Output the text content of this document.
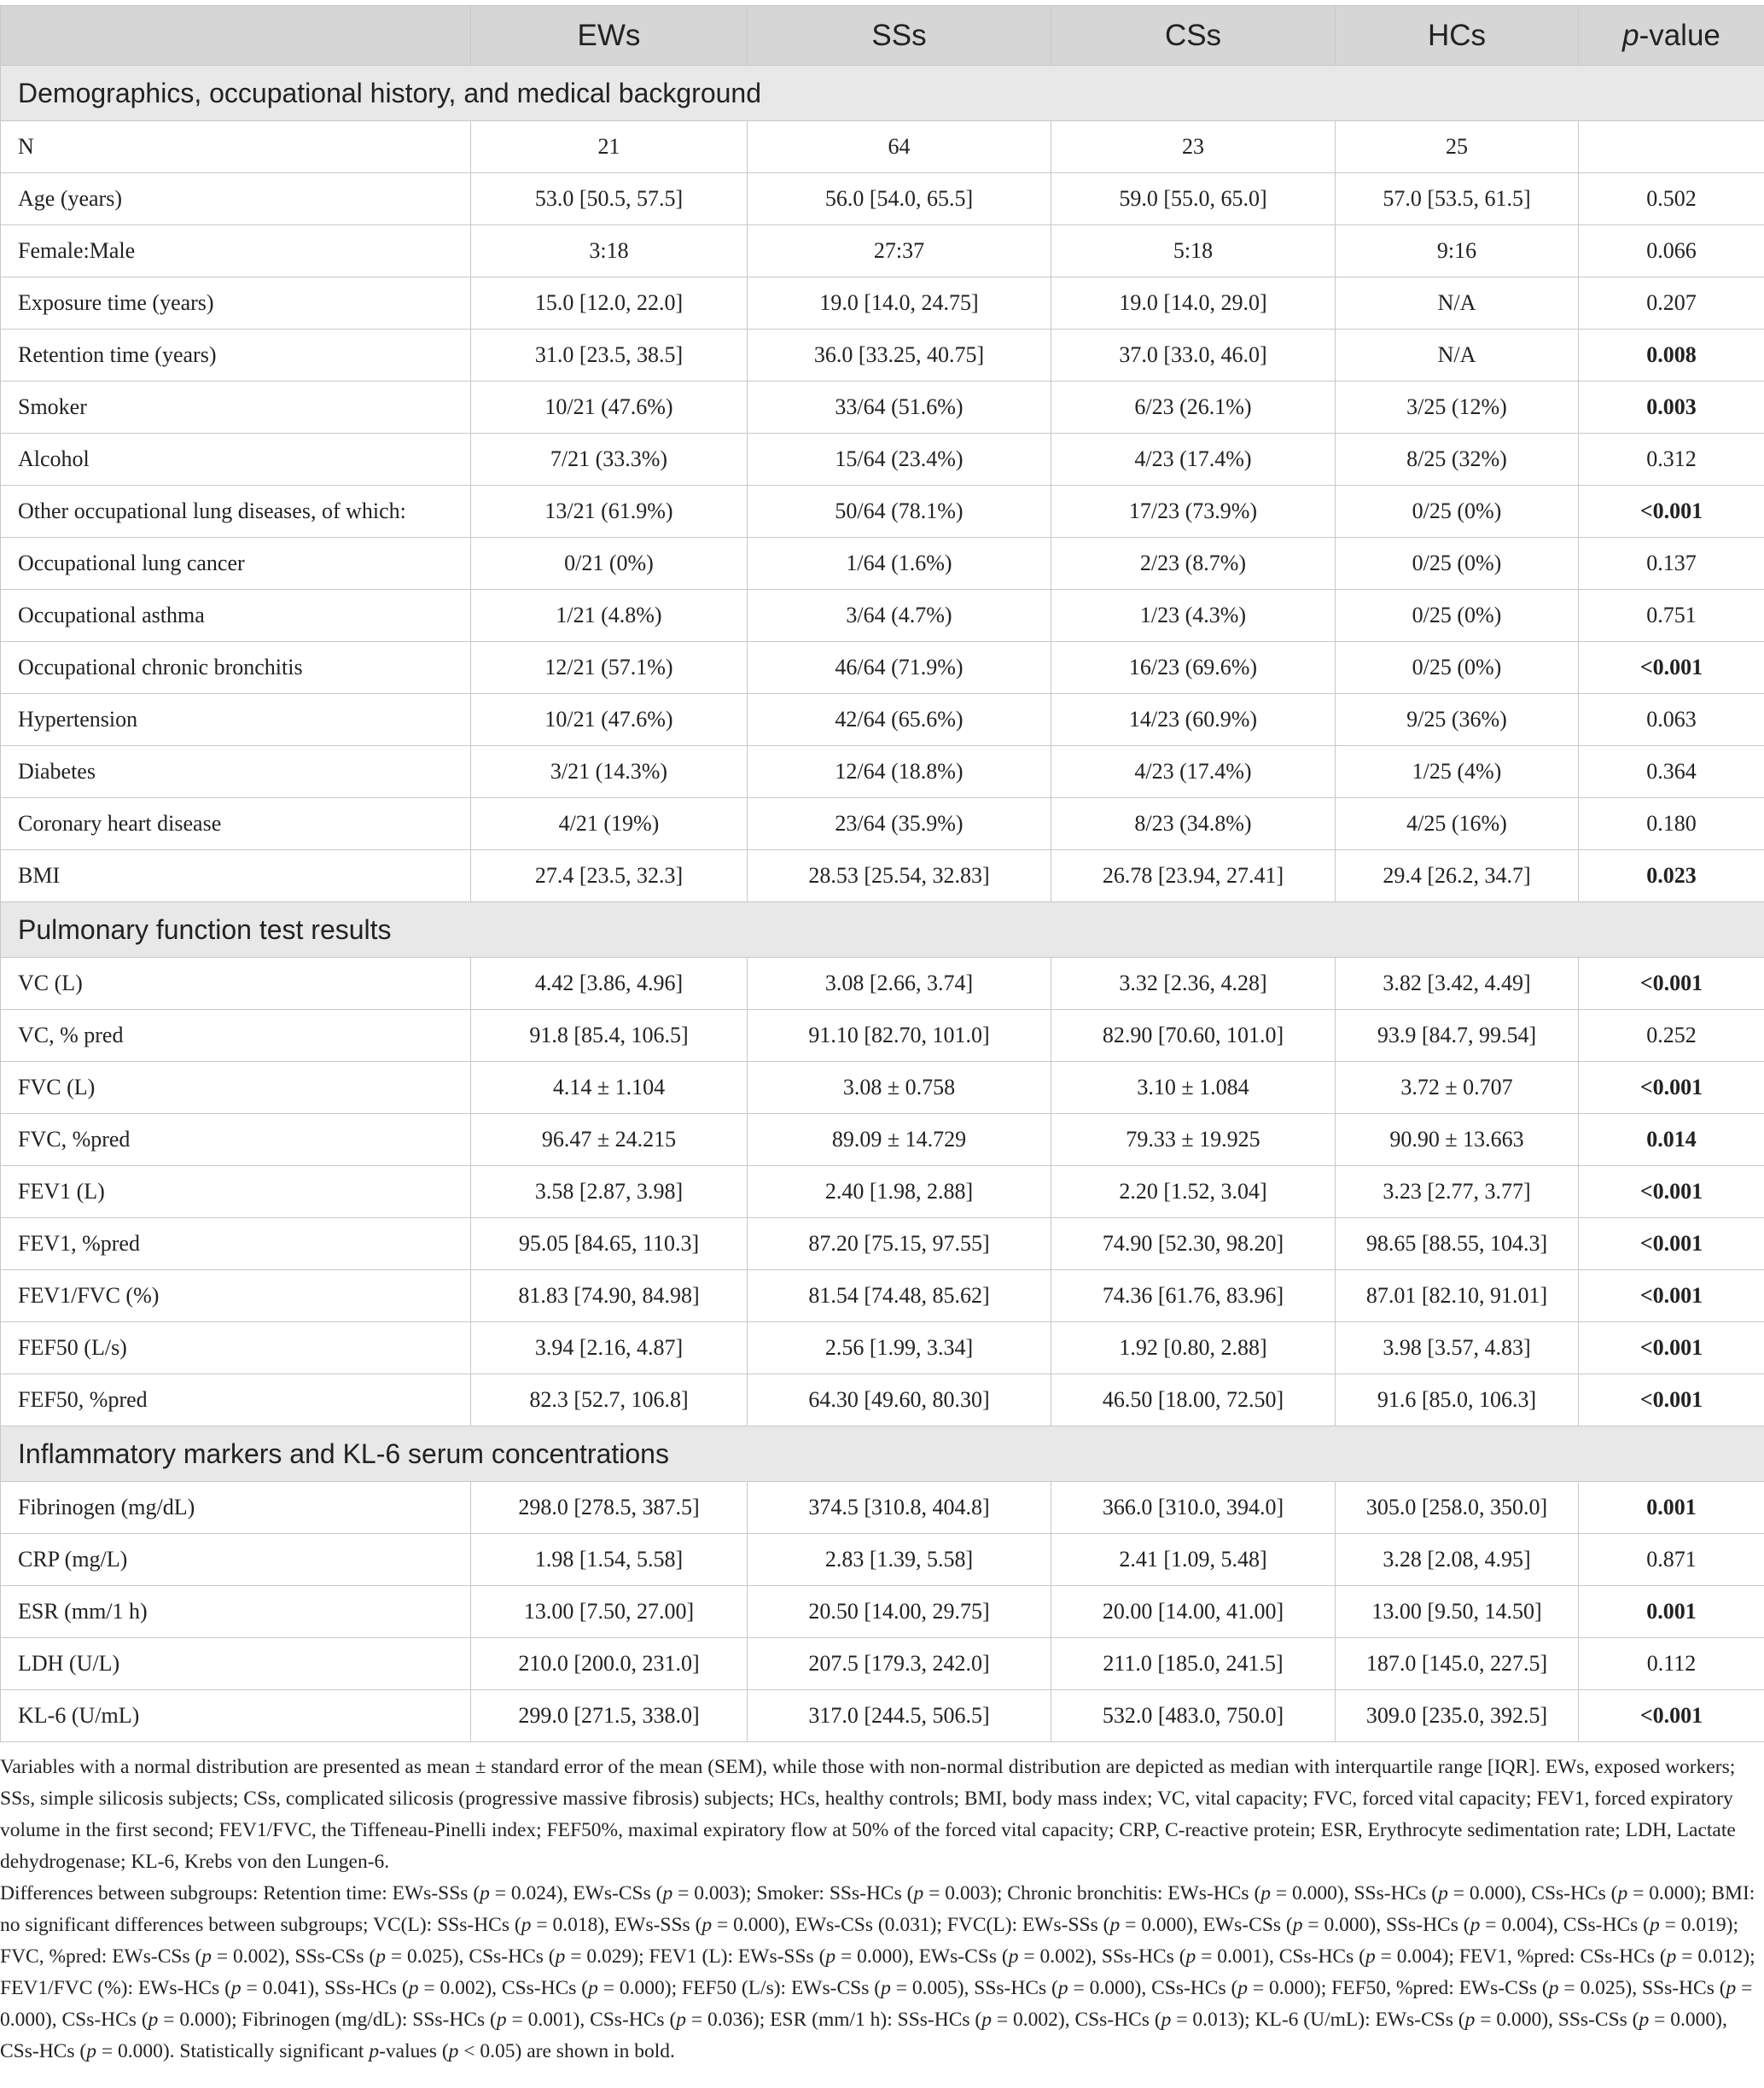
	EWs	SSs	CSs	HCs	p-value
Demographics, occupational history, and medical background					
N	21	64	23	25	
Age (years)	53.0 [50.5, 57.5]	56.0 [54.0, 65.5]	59.0 [55.0, 65.0]	57.0 [53.5, 61.5]	0.502
Female:Male	3:18	27:37	5:18	9:16	0.066
Exposure time (years)	15.0 [12.0, 22.0]	19.0 [14.0, 24.75]	19.0 [14.0, 29.0]	N/A	0.207
Retention time (years)	31.0 [23.5, 38.5]	36.0 [33.25, 40.75]	37.0 [33.0, 46.0]	N/A	0.008
Smoker	10/21 (47.6%)	33/64 (51.6%)	6/23 (26.1%)	3/25 (12%)	0.003
Alcohol	7/21 (33.3%)	15/64 (23.4%)	4/23 (17.4%)	8/25 (32%)	0.312
Other occupational lung diseases, of which:	13/21 (61.9%)	50/64 (78.1%)	17/23 (73.9%)	0/25 (0%)	<0.001
Occupational lung cancer	0/21 (0%)	1/64 (1.6%)	2/23 (8.7%)	0/25 (0%)	0.137
Occupational asthma	1/21 (4.8%)	3/64 (4.7%)	1/23 (4.3%)	0/25 (0%)	0.751
Occupational chronic bronchitis	12/21 (57.1%)	46/64 (71.9%)	16/23 (69.6%)	0/25 (0%)	<0.001
Hypertension	10/21 (47.6%)	42/64 (65.6%)	14/23 (60.9%)	9/25 (36%)	0.063
Diabetes	3/21 (14.3%)	12/64 (18.8%)	4/23 (17.4%)	1/25 (4%)	0.364
Coronary heart disease	4/21 (19%)	23/64 (35.9%)	8/23 (34.8%)	4/25 (16%)	0.180
BMI	27.4 [23.5, 32.3]	28.53 [25.54, 32.83]	26.78 [23.94, 27.41]	29.4 [26.2, 34.7]	0.023
Pulmonary function test results					
VC (L)	4.42 [3.86, 4.96]	3.08 [2.66, 3.74]	3.32 [2.36, 4.28]	3.82 [3.42, 4.49]	<0.001
VC, % pred	91.8 [85.4, 106.5]	91.10 [82.70, 101.0]	82.90 [70.60, 101.0]	93.9 [84.7, 99.54]	0.252
FVC (L)	4.14 ± 1.104	3.08 ± 0.758	3.10 ± 1.084	3.72 ± 0.707	<0.001
FVC, %pred	96.47 ± 24.215	89.09 ± 14.729	79.33 ± 19.925	90.90 ± 13.663	0.014
FEV1 (L)	3.58 [2.87, 3.98]	2.40 [1.98, 2.88]	2.20 [1.52, 3.04]	3.23 [2.77, 3.77]	<0.001
FEV1, %pred	95.05 [84.65, 110.3]	87.20 [75.15, 97.55]	74.90 [52.30, 98.20]	98.65 [88.55, 104.3]	<0.001
FEV1/FVC (%)	81.83 [74.90, 84.98]	81.54 [74.48, 85.62]	74.36 [61.76, 83.96]	87.01 [82.10, 91.01]	<0.001
FEF50 (L/s)	3.94 [2.16, 4.87]	2.56 [1.99, 3.34]	1.92 [0.80, 2.88]	3.98 [3.57, 4.83]	<0.001
FEF50, %pred	82.3 [52.7, 106.8]	64.30 [49.60, 80.30]	46.50 [18.00, 72.50]	91.6 [85.0, 106.3]	<0.001
Inflammatory markers and KL-6 serum concentrations					
Fibrinogen (mg/dL)	298.0 [278.5, 387.5]	374.5 [310.8, 404.8]	366.0 [310.0, 394.0]	305.0 [258.0, 350.0]	0.001
CRP (mg/L)	1.98 [1.54, 5.58]	2.83 [1.39, 5.58]	2.41 [1.09, 5.48]	3.28 [2.08, 4.95]	0.871
ESR (mm/1 h)	13.00 [7.50, 27.00]	20.50 [14.00, 29.75]	20.00 [14.00, 41.00]	13.00 [9.50, 14.50]	0.001
LDH (U/L)	210.0 [200.0, 231.0]	207.5 [179.3, 242.0]	211.0 [185.0, 241.5]	187.0 [145.0, 227.5]	0.112
KL-6 (U/mL)	299.0 [271.5, 338.0]	317.0 [244.5, 506.5]	532.0 [483.0, 750.0]	309.0 [235.0, 392.5]	<0.001

Variables with a normal distribution are presented as mean ± standard error of the mean (SEM), while those with non-normal distribution are depicted as median with interquartile range [IQR]. EWs, exposed workers; SSs, simple silicosis subjects; CSs, complicated silicosis (progressive massive fibrosis) subjects; HCs, healthy controls; BMI, body mass index; VC, vital capacity; FVC, forced vital capacity; FEV1, forced expiratory volume in the first second; FEV1/FVC, the Tiffeneau-Pinelli index; FEF50%, maximal expiratory flow at 50% of the forced vital capacity; CRP, C-reactive protein; ESR, Erythrocyte sedimentation rate; LDH, Lactate dehydrogenase; KL-6, Krebs von den Lungen-6.

Differences between subgroups: Retention time: EWs-SSs (p = 0.024), EWs-CSs (p = 0.003); Smoker: SSs-HCs (p = 0.003); Chronic bronchitis: EWs-HCs (p = 0.000), SSs-HCs (p = 0.000), CSs-HCs (p = 0.000); BMI: no significant differences between subgroups; VC(L): SSs-HCs (p = 0.018), EWs-SSs (p = 0.000), EWs-CSs (0.031); FVC(L): EWs-SSs (p = 0.000), EWs-CSs (p = 0.000), SSs-HCs (p = 0.004), CSs-HCs (p = 0.019); FVC, %pred: EWs-CSs (p = 0.002), SSs-CSs (p = 0.025), CSs-HCs (p = 0.029); FEV1 (L): EWs-SSs (p = 0.000), EWs-CSs (p = 0.002), SSs-HCs (p = 0.001), CSs-HCs (p = 0.004); FEV1, %pred: CSs-HCs (p = 0.012); FEV1/FVC (%): EWs-HCs (p = 0.041), SSs-HCs (p = 0.002), CSs-HCs (p = 0.000); FEF50 (L/s): EWs-CSs (p = 0.005), SSs-HCs (p = 0.000), CSs-HCs (p = 0.000); FEF50, %pred: EWs-CSs (p = 0.025), SSs-HCs (p = 0.000), CSs-HCs (p = 0.000); Fibrinogen (mg/dL): SSs-HCs (p = 0.001), CSs-HCs (p = 0.036); ESR (mm/1 h): SSs-HCs (p = 0.002), CSs-HCs (p = 0.013); KL-6 (U/mL): EWs-CSs (p = 0.000), SSs-CSs (p = 0.000), CSs-HCs (p = 0.000). Statistically significant p-values (p < 0.05) are shown in bold.
